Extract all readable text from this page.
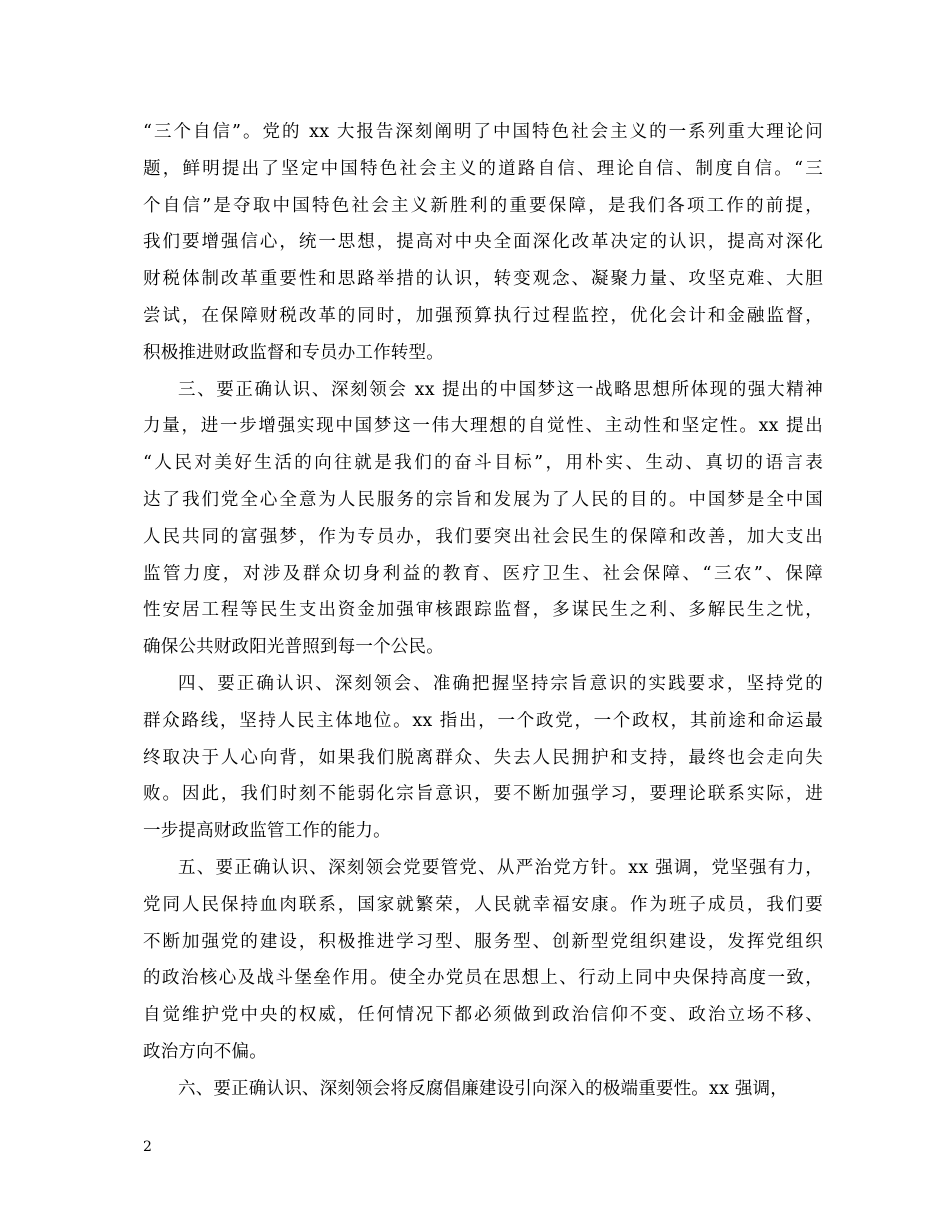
“三个自信”。党的 xx 大报告深刻阐明了中国特色社会主义的一系列重大理论问
题，鲜明提出了坚定中国特色社会主义的道路自信、理论自信、制度自信。“三
个自信”是夺取中国特色社会主义新胜利的重要保障，是我们各项工作的前提，
我们要增强信心，统一思想，提高对中央全面深化改革决定的认识，提高对深化
财税体制改革重要性和思路举措的认识，转变观念、凝聚力量、攻坚克难、大胆
尝试，在保障财税改革的同时，加强预算执行过程监控，优化会计和金融监督，
积极推进财政监督和专员办工作转型。
三、要正确认识、深刻领会 xx 提出的中国梦这一战略思想所体现的强大精神
力量，进一步增强实现中国梦这一伟大理想的自觉性、主动性和坚定性。xx 提出
“人民对美好生活的向往就是我们的奋斗目标”，用朴实、生动、真切的语言表
达了我们党全心全意为人民服务的宗旨和发展为了人民的目的。中国梦是全中国
人民共同的富强梦，作为专员办，我们要突出社会民生的保障和改善，加大支出
监管力度，对涉及群众切身利益的教育、医疗卫生、社会保障、“三农”、保障
性安居工程等民生支出资金加强审核跟踪监督，多谋民生之利、多解民生之忧，
确保公共财政阳光普照到每一个公民。
四、要正确认识、深刻领会、准确把握坚持宗旨意识的实践要求，坚持党的
群众路线，坚持人民主体地位。xx 指出，一个政党，一个政权，其前途和命运最
终取决于人心向背，如果我们脱离群众、失去人民拥护和支持，最终也会走向失
败。因此，我们时刻不能弱化宗旨意识，要不断加强学习，要理论联系实际，进
一步提高财政监管工作的能力。
五、要正确认识、深刻领会党要管党、从严治党方针。xx 强调，党坚强有力，
党同人民保持血肉联系，国家就繁荣，人民就幸福安康。作为班子成员，我们要
不断加强党的建设，积极推进学习型、服务型、创新型党组织建设，发挥党组织
的政治核心及战斗堡垒作用。使全办党员在思想上、行动上同中央保持高度一致，
自觉维护党中央的权威，任何情况下都必须做到政治信仰不变、政治立场不移、
政治方向不偏。
六、要正确认识、深刻领会将反腐倡廉建设引向深入的极端重要性。xx 强调，
2
